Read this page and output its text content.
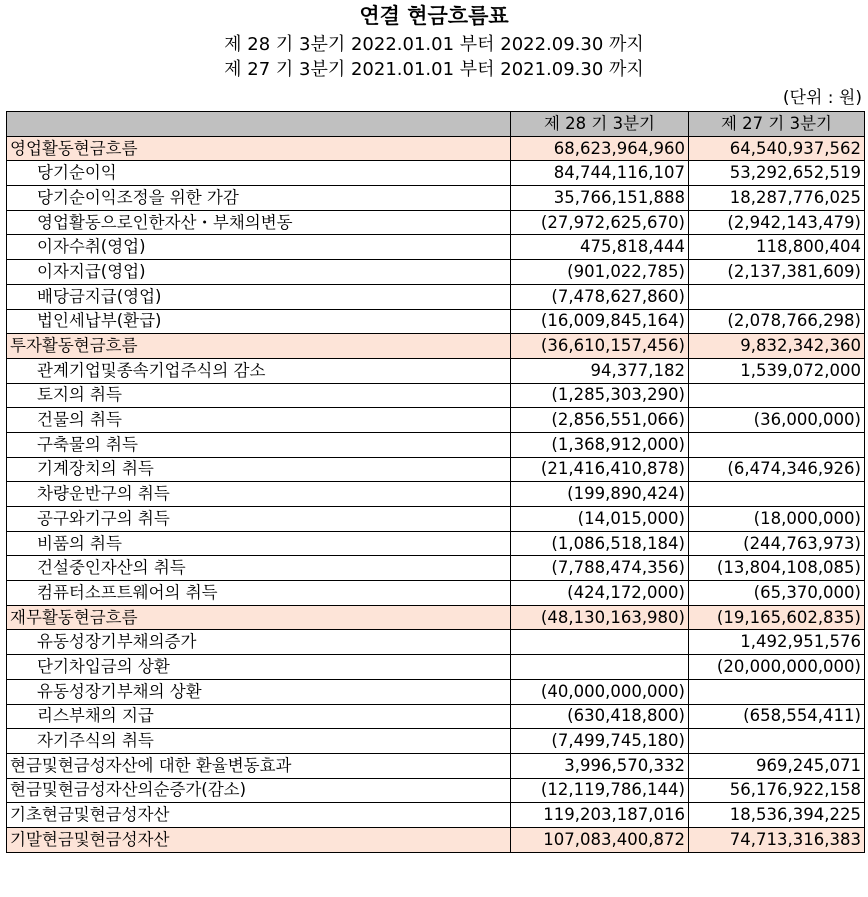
연결 현금흐름표
제 28 기 3분기 2022.01.01 부터 2022.09.30 까지
제 27 기 3분기 2021.01.01 부터 2021.09.30 까지
(단위 : 원)
	제 28 기 3분기	제 27 기 3분기
영업활동현금흐름	68,623,964,960	64,540,937,562
당기순이익	84,744,116,107	53,292,652,519
당기순이익조정을 위한 가감	35,766,151,888	18,287,776,025
영업활동으로인한자산・부채의변동	(27,972,625,670)	(2,942,143,479)
이자수취(영업)	475,818,444	118,800,404
이자지급(영업)	(901,022,785)	(2,137,381,609)
배당금지급(영업)	(7,478,627,860)	
법인세납부(환급)	(16,009,845,164)	(2,078,766,298)
투자활동현금흐름	(36,610,157,456)	9,832,342,360
관계기업및종속기업주식의 감소	94,377,182	1,539,072,000
토지의 취득	(1,285,303,290)	
건물의 취득	(2,856,551,066)	(36,000,000)
구축물의 취득	(1,368,912,000)	
기계장치의 취득	(21,416,410,878)	(6,474,346,926)
차량운반구의 취득	(199,890,424)	
공구와기구의 취득	(14,015,000)	(18,000,000)
비품의 취득	(1,086,518,184)	(244,763,973)
건설중인자산의 취득	(7,788,474,356)	(13,804,108,085)
컴퓨터소프트웨어의 취득	(424,172,000)	(65,370,000)
재무활동현금흐름	(48,130,163,980)	(19,165,602,835)
유동성장기부채의증가		1,492,951,576
단기차입금의 상환		(20,000,000,000)
유동성장기부채의 상환	(40,000,000,000)	
리스부채의 지급	(630,418,800)	(658,554,411)
자기주식의 취득	(7,499,745,180)	
현금및현금성자산에 대한 환율변동효과	3,996,570,332	969,245,071
현금및현금성자산의순증가(감소)	(12,119,786,144)	56,176,922,158
기초현금및현금성자산	119,203,187,016	18,536,394,225
기말현금및현금성자산	107,083,400,872	74,713,316,383
